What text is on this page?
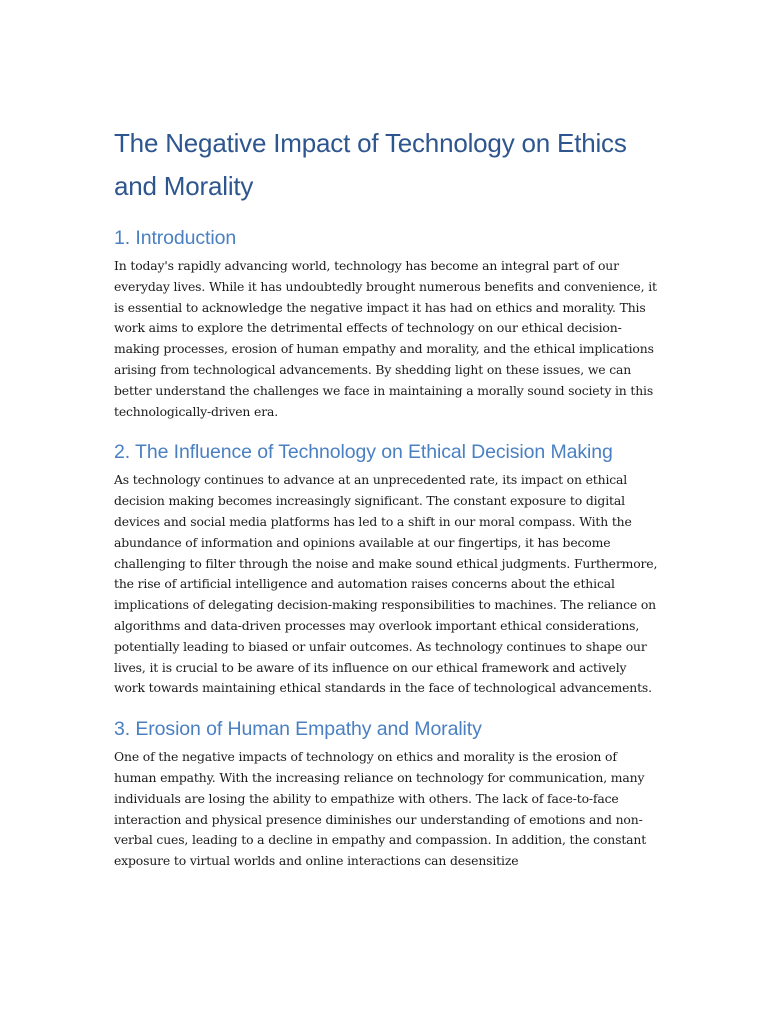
The Negative Impact of Technology on Ethics and Morality
1. Introduction

In today's rapidly advancing world, technology has become an integral part of our everyday lives. While it has undoubtedly brought numerous benefits and convenience, it is essential to acknowledge the negative impact it has had on ethics and morality. This work aims to explore the detrimental effects of technology on our ethical decision-making processes, erosion of human empathy and morality, and the ethical implications arising from technological advancements. By shedding light on these issues, we can better understand the challenges we face in maintaining a morally sound society in this technologically-driven era.

2. The Influence of Technology on Ethical Decision Making

As technology continues to advance at an unprecedented rate, its impact on ethical decision making becomes increasingly significant. The constant exposure to digital devices and social media platforms has led to a shift in our moral compass. With the abundance of information and opinions available at our fingertips, it has become challenging to filter through the noise and make sound ethical judgments. Furthermore, the rise of artificial intelligence and automation raises concerns about the ethical implications of delegating decision-making responsibilities to machines. The reliance on algorithms and data-driven processes may overlook important ethical considerations, potentially leading to biased or unfair outcomes. As technology continues to shape our lives, it is crucial to be aware of its influence on our ethical framework and actively work towards maintaining ethical standards in the face of technological advancements.

3. Erosion of Human Empathy and Morality

One of the negative impacts of technology on ethics and morality is the erosion of human empathy. With the increasing reliance on technology for communication, many individuals are losing the ability to empathize with others. The lack of face-to-face interaction and physical presence diminishes our understanding of emotions and non-verbal cues, leading to a decline in empathy and compassion. In addition, the constant exposure to virtual worlds and online interactions can desensitize
